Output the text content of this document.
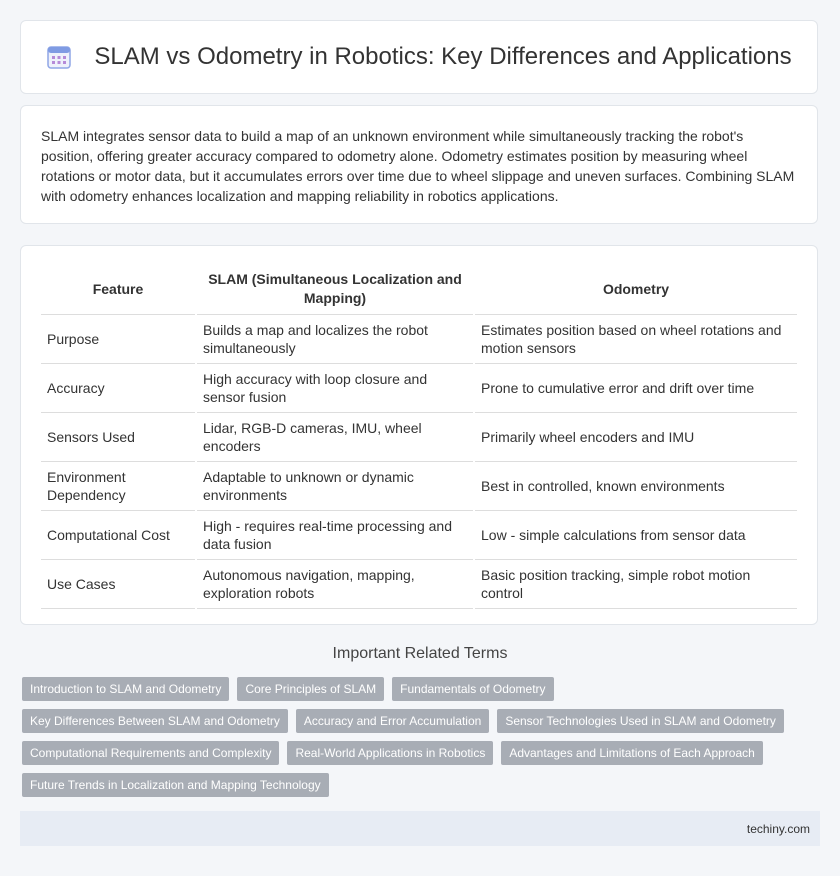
SLAM vs Odometry in Robotics: Key Differences and Applications

SLAM integrates sensor data to build a map of an unknown environment while simultaneously tracking the robot's position, offering greater accuracy compared to odometry alone. Odometry estimates position by measuring wheel rotations or motor data, but it accumulates errors over time due to wheel slippage and uneven surfaces. Combining SLAM with odometry enhances localization and mapping reliability in robotics applications.

Feature	SLAM (Simultaneous Localization and Mapping)	Odometry
Purpose	Builds a map and localizes the robot simultaneously	Estimates position based on wheel rotations and motion sensors
Accuracy	High accuracy with loop closure and sensor fusion	Prone to cumulative error and drift over time
Sensors Used	Lidar, RGB-D cameras, IMU, wheel encoders	Primarily wheel encoders and IMU
Environment Dependency	Adaptable to unknown or dynamic environments	Best in controlled, known environments
Computational Cost	High - requires real-time processing and data fusion	Low - simple calculations from sensor data
Use Cases	Autonomous navigation, mapping, exploration robots	Basic position tracking, simple robot motion control
Important Related Terms
Introduction to SLAM and Odometry	Core Principles of SLAM	Fundamentals of Odometry
Key Differences Between SLAM and Odometry	Accuracy and Error Accumulation	Sensor Technologies Used in SLAM and Odometry
Computational Requirements and Complexity	Real-World Applications in Robotics	Advantages and Limitations of Each Approach
Future Trends in Localization and Mapping Technology
techiny.com
